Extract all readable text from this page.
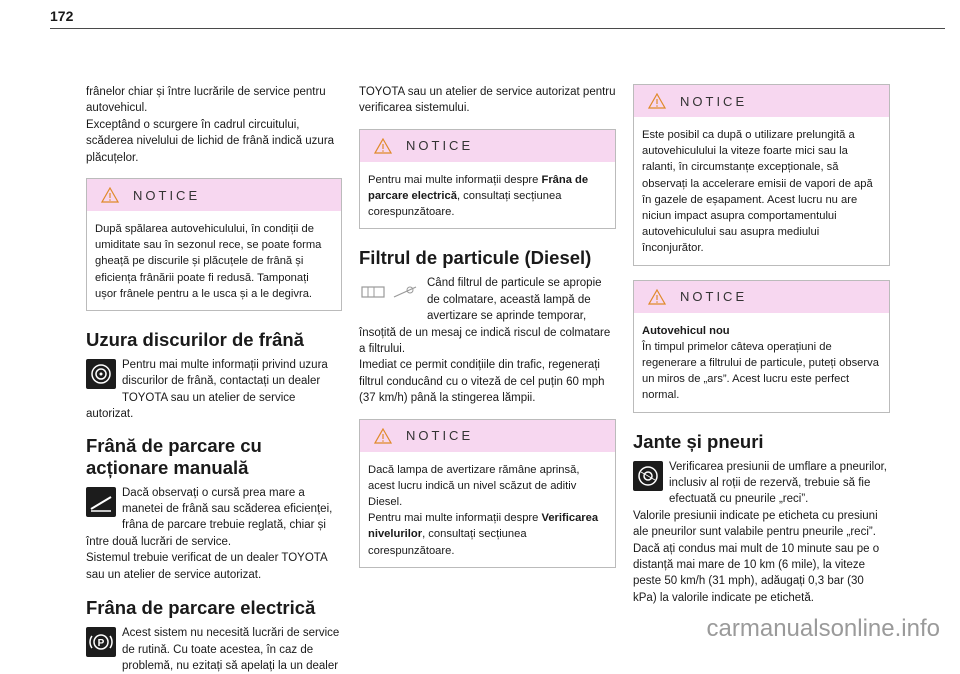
172

frânelor chiar și între lucrările de service pentru autovehicul.
Exceptând o scurgere în cadrul circuitului, scăderea nivelului de lichid de frână indică uzura plăcuțelor.

NOTICE
După spălarea autovehiculului, în condiții de umiditate sau în sezonul rece, se poate forma gheață pe discurile și plăcuțele de frână și eficiența frânării poate fi redusă. Tamponați ușor frânele pentru a le usca și a le degivra.
Uzura discurilor de frână

Pentru mai multe informații privind uzura discurilor de frână, contactați un dealer TOYOTA sau un atelier de service autorizat.

Frână de parcare cu acționare manuală

Dacă observați o cursă prea mare a manetei de frână sau scăderea eficienței, frâna de parcare trebuie reglată, chiar și între două lucrări de service.
Sistemul trebuie verificat de un dealer TOYOTA sau un atelier de service autorizat.

Frâna de parcare electrică
P

Acest sistem nu necesită lucrări de service de rutină. Cu toate acestea, în caz de problemă, nu ezitați să apelați la un dealer

TOYOTA sau un atelier de service autorizat pentru verificarea sistemului.

NOTICE
Pentru mai multe informații despre Frâna de parcare electrică, consultați secțiunea corespunzătoare.
Filtrul de particule (Diesel)

Când filtrul de particule se apropie de colmatare, această lampă de avertizare se aprinde temporar, însoțită de un mesaj ce indică riscul de colmatare a filtrului.
Imediat ce permit condițiile din trafic, regenerați filtrul conducând cu o viteză de cel puțin 60 mph (37 km/h) până la stingerea lămpii.

NOTICE
Dacă lampa de avertizare rămâne aprinsă, acest lucru indică un nivel scăzut de aditiv Diesel.
Pentru mai multe informații despre Verificarea nivelurilor, consultați secțiunea corespunzătoare.
NOTICE
Este posibil ca după o utilizare prelungită a autovehiculului la viteze foarte mici sau la ralanti, în circumstanțe excepționale, să observați la accelerare emisii de vapori de apă în gazele de eșapament. Acest lucru nu are niciun impact asupra comportamentului autovehiculului sau asupra mediului înconjurător.
NOTICE
Autovehicul nou
În timpul primelor câteva operațiuni de regenerare a filtrului de particule, puteți observa un miros de „ars”. Acest lucru este perfect normal.
Jante și pneuri

Verificarea presiunii de umflare a pneurilor, inclusiv al roții de rezervă, trebuie să fie efectuată cu pneurile „reci”.
Valorile presiunii indicate pe eticheta cu presiuni ale pneurilor sunt valabile pentru pneurile „reci”. Dacă ați condus mai mult de 10 minute sau pe o distanță mai mare de 10 km (6 mile), la viteze peste 50 km/h (31 mph), adăugați 0,3 bar (30 kPa) la valorile indicate pe etichetă.

carmanualsonline.info
